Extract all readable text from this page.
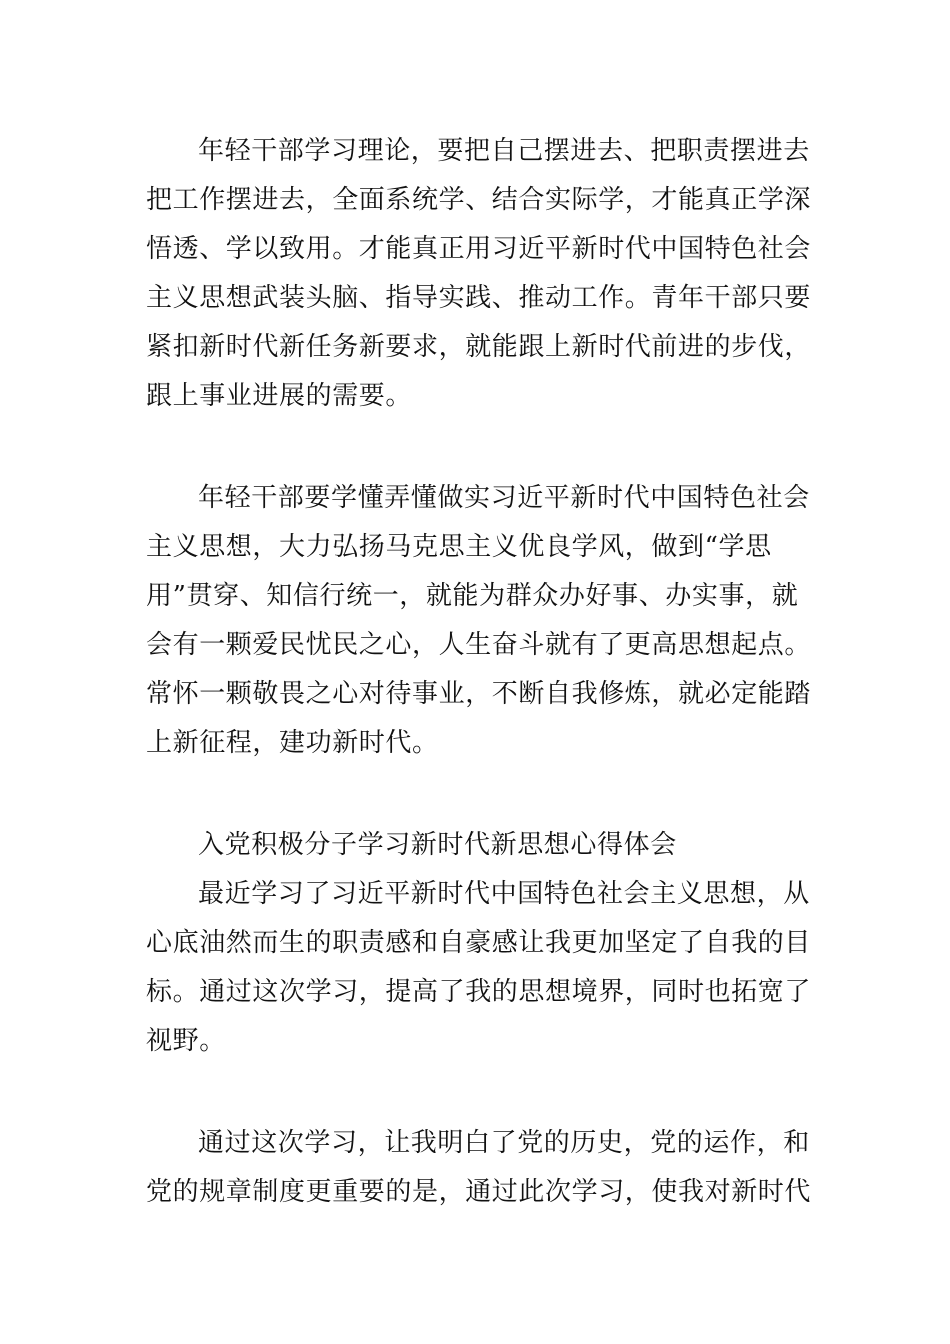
年轻干部学习理论，要把自己摆进去、把职责摆进去
把工作摆进去，全面系统学、结合实际学，才能真正学深
悟透、学以致用。才能真正用习近平新时代中国特色社会
主义思想武装头脑、指导实践、推动工作。青年干部只要
紧扣新时代新任务新要求，就能跟上新时代前进的步伐，
跟上事业进展的需要。
年轻干部要学懂弄懂做实习近平新时代中国特色社会
主义思想，大力弘扬马克思主义优良学风，做到“学思
用”贯穿、知信行统一，就能为群众办好事、办实事，就
会有一颗爱民忧民之心，人生奋斗就有了更高思想起点。
常怀一颗敬畏之心对待事业，不断自我修炼，就必定能踏
上新征程，建功新时代。
入党积极分子学习新时代新思想心得体会
最近学习了习近平新时代中国特色社会主义思想，从
心底油然而生的职责感和自豪感让我更加坚定了自我的目
标。通过这次学习，提高了我的思想境界，同时也拓宽了
视野。
通过这次学习，让我明白了党的历史，党的运作，和
党的规章制度更重要的是，通过此次学习，使我对新时代
